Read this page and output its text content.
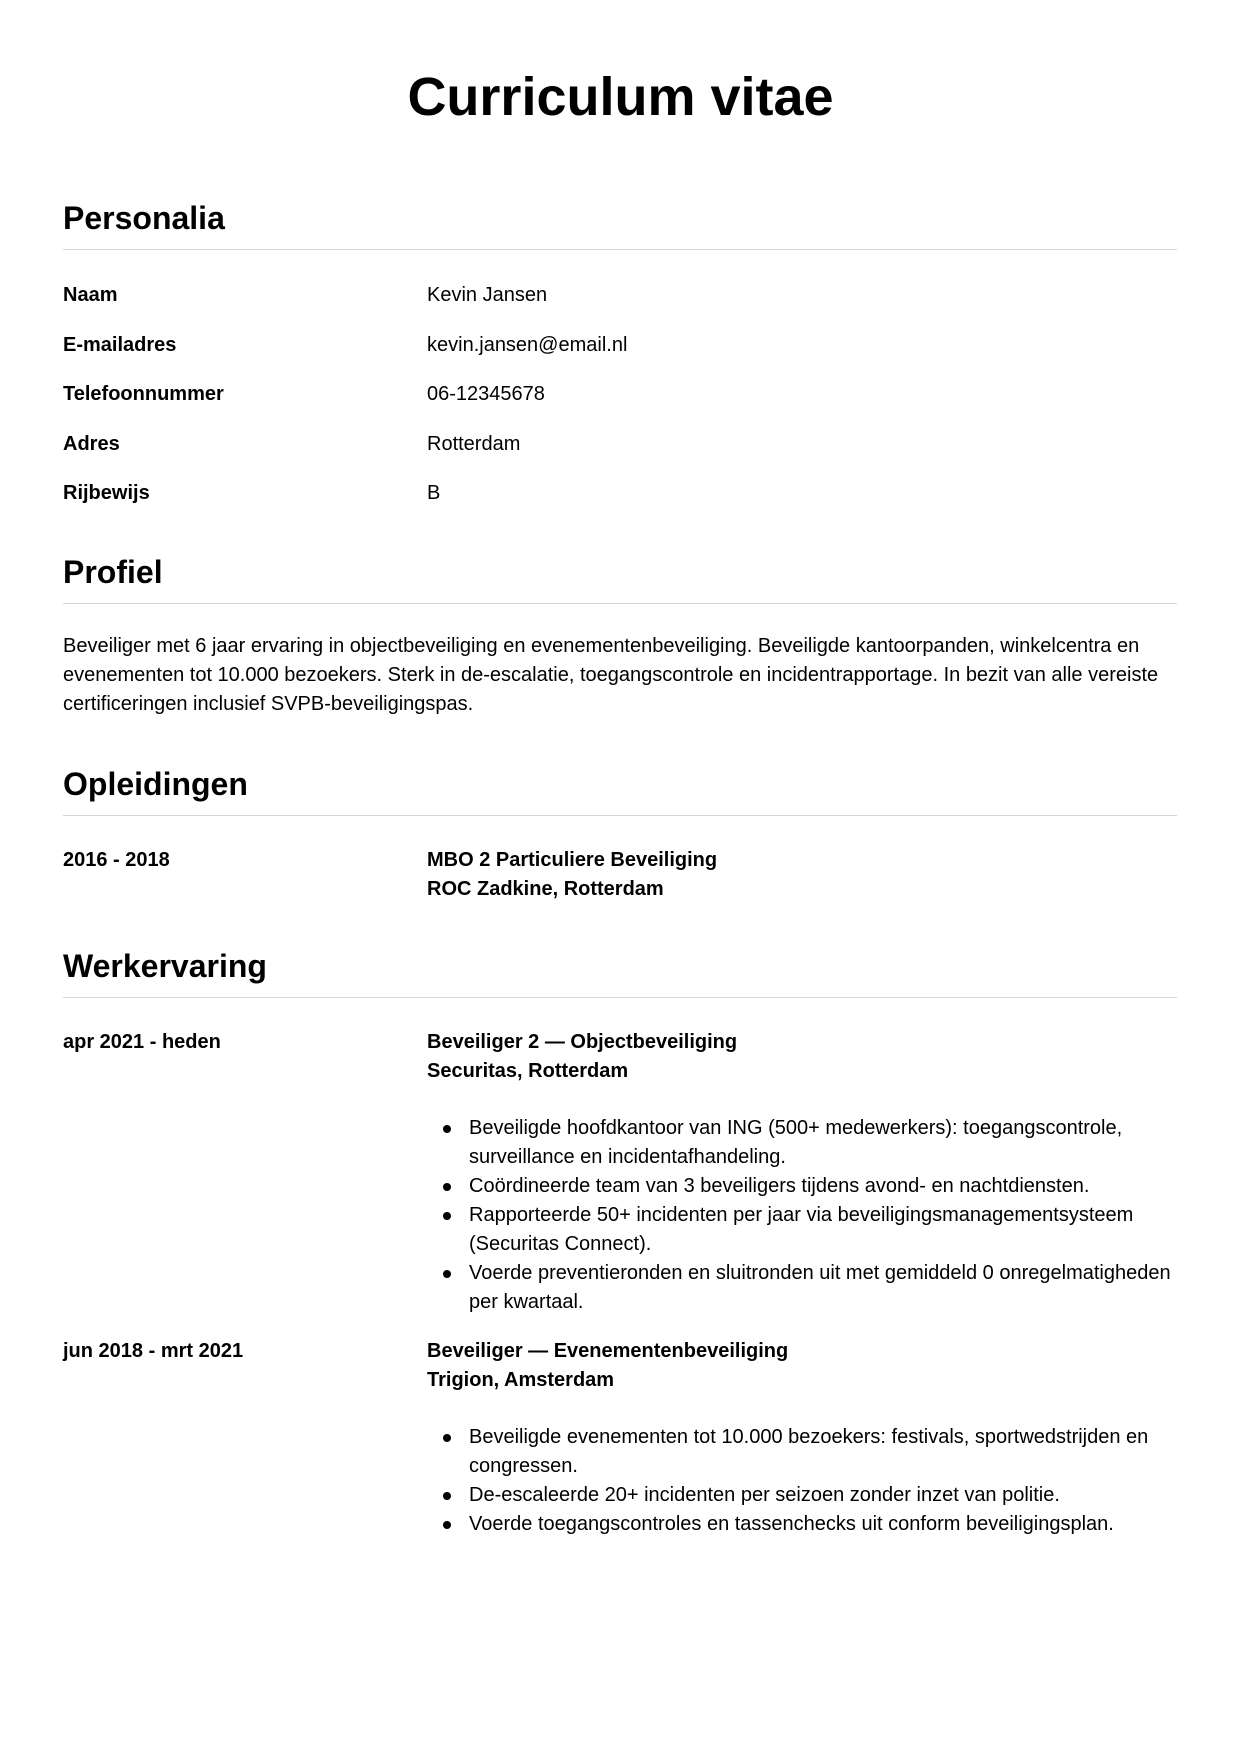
Curriculum vitae
Personalia
Naam	Kevin Jansen
E-mailadres	kevin.jansen@email.nl
Telefoonnummer	06-12345678
Adres	Rotterdam
Rijbewijs	B
Profiel

Beveiliger met 6 jaar ervaring in objectbeveiliging en evenementenbeveiliging. Beveiligde kantoorpanden, winkelcentra en evenementen tot 10.000 bezoekers. Sterk in de-escalatie, toegangscontrole en incidentrapportage. In bezit van alle vereiste certificeringen inclusief SVPB-beveiligingspas.

Opleidingen
2016 - 2018	MBO 2 Particuliere Beveiliging
ROC Zadkine, Rotterdam
Werkervaring
apr 2021 - heden	Beveiliger 2 — Objectbeveiliging
Securitas, Rotterdam
Beveiligde hoofdkantoor van ING (500+ medewerkers): toegangscontrole, surveillance en incidentafhandeling.
Coördineerde team van 3 beveiligers tijdens avond- en nachtdiensten.
Rapporteerde 50+ incidenten per jaar via beveiligingsmanagementsysteem (Securitas Connect).
Voerde preventieronden en sluitronden uit met gemiddeld 0 onregelmatigheden per kwartaal.
jun 2018 - mrt 2021	Beveiliger — Evenementenbeveiliging
Trigion, Amsterdam
Beveiligde evenementen tot 10.000 bezoekers: festivals, sportwedstrijden en congressen.
De-escaleerde 20+ incidenten per seizoen zonder inzet van politie.
Voerde toegangscontroles en tassenchecks uit conform beveiligingsplan.
